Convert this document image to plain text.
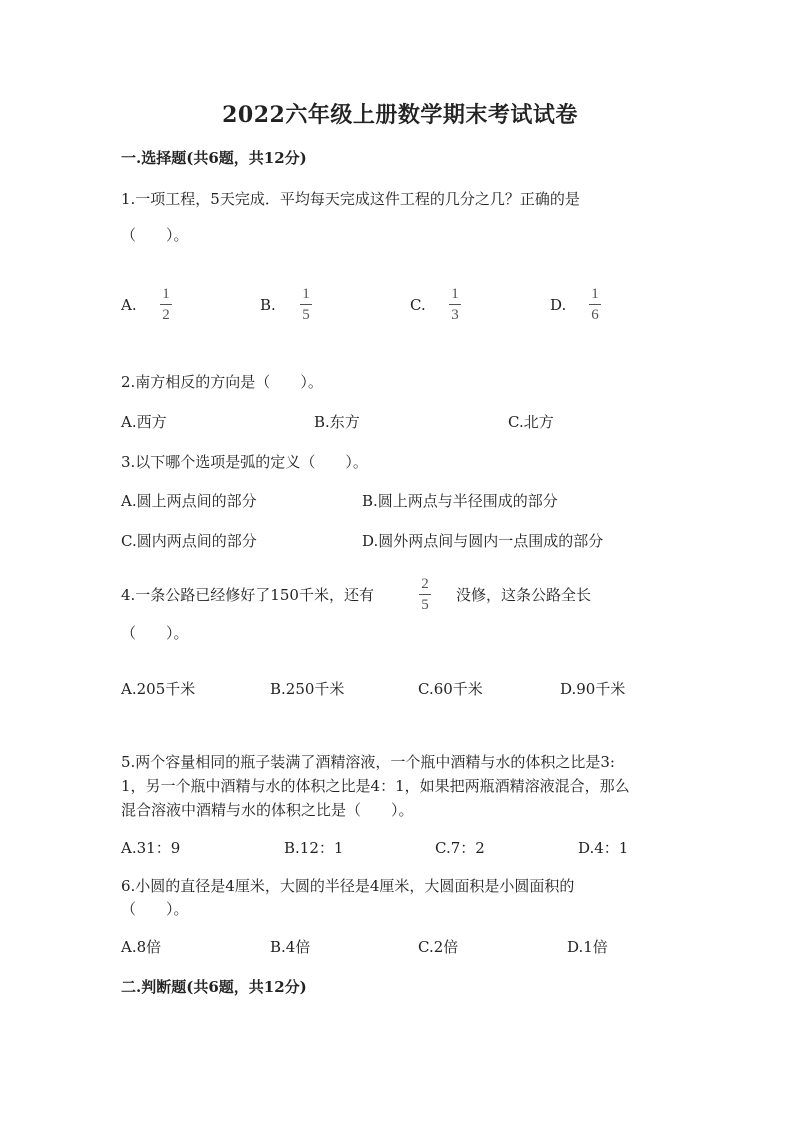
2022六年级上册数学期末考试试卷
一.选择题(共6题，共12分)
1.一项工程，5天完成．平均每天完成这件工程的几分之几？正确的是
（　　）。
A.
1
2
B.
1
5
C.
1
3
D.
1
6
2.南方相反的方向是（　　）。
A.西方	B.东方	C.北方
3.以下哪个选项是弧的定义（　　）。
A.圆上两点间的部分	B.圆上两点与半径围成的部分
C.圆内两点间的部分	D.圆外两点间与圆内一点围成的部分
4.一条公路已经修好了150千米，还有
2
5
没修，这条公路全长
（　　）。
A.205千米	B.250千米	C.60千米	D.90千米
5.两个容量相同的瓶子装满了酒精溶液，一个瓶中酒精与水的体积之比是3:
1，另一个瓶中酒精与水的体积之比是4：1，如果把两瓶酒精溶液混合，那么
混合溶液中酒精与水的体积之比是（　　）。
A.31：9	B.12：1	C.7：2	D.4：1
6.小圆的直径是4厘米，大圆的半径是4厘米，大圆面积是小圆面积的
（　　）。
A.8倍	B.4倍	C.2倍	D.1倍
二.判断题(共6题，共12分)
